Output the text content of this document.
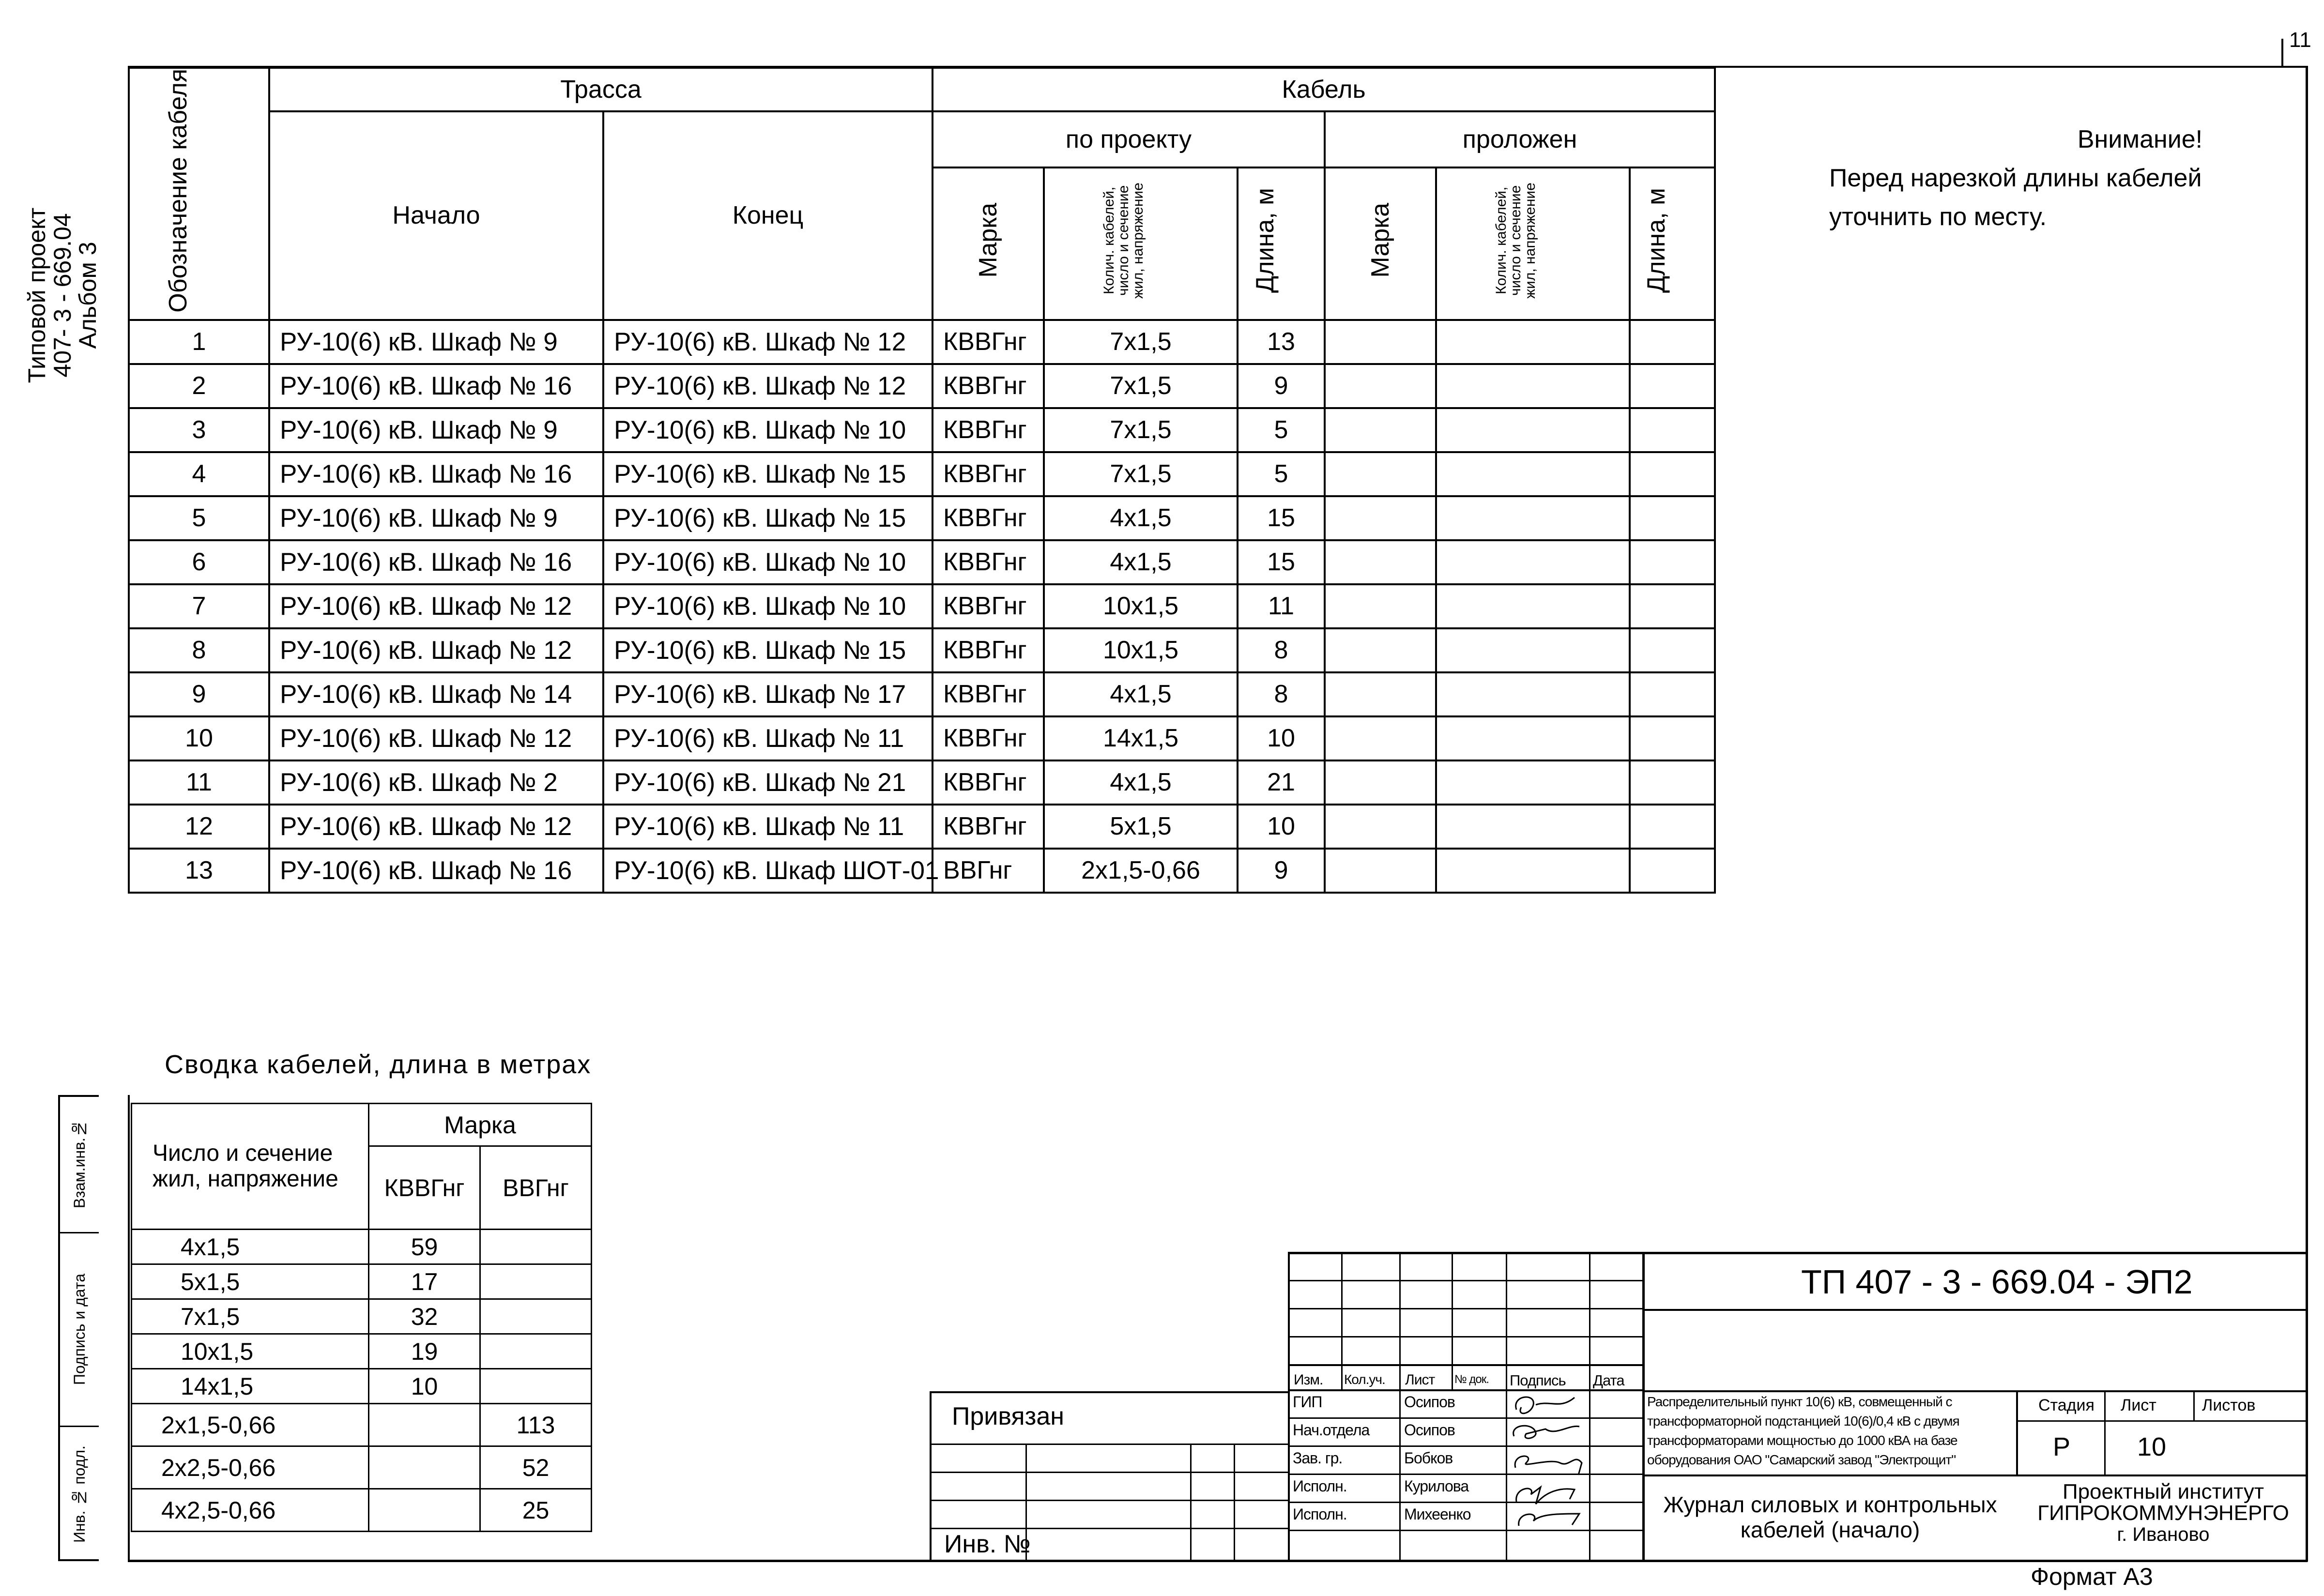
11
Типовой проект
407- 3 - 669.04
Альбом 3	Обозначение кабеля	Трасса		Кабель					
	Начало	Конец	по проекту			проложен		
			Марка	Колич. кабелей, число и сечение жил, напряжение	Длина, м	Марка	Колич. кабелей, число и сечение жил, напряжение	Длина, м
1	РУ-10(6) кВ. Шкаф № 9	РУ-10(6) кВ. Шкаф № 12	КВВГнг	7x1,5	13			
2	РУ-10(6) кВ. Шкаф № 16	РУ-10(6) кВ. Шкаф № 12	КВВГнг	7x1,5	9			
3	РУ-10(6) кВ. Шкаф № 9	РУ-10(6) кВ. Шкаф № 10	КВВГнг	7x1,5	5			
4	РУ-10(6) кВ. Шкаф № 16	РУ-10(6) кВ. Шкаф № 15	КВВГнг	7x1,5	5			
5	РУ-10(6) кВ. Шкаф № 9	РУ-10(6) кВ. Шкаф № 15	КВВГнг	4x1,5	15			
6	РУ-10(6) кВ. Шкаф № 16	РУ-10(6) кВ. Шкаф № 10	КВВГнг	4x1,5	15			
7	РУ-10(6) кВ. Шкаф № 12	РУ-10(6) кВ. Шкаф № 10	КВВГнг	10x1,5	11			
8	РУ-10(6) кВ. Шкаф № 12	РУ-10(6) кВ. Шкаф № 15	КВВГнг	10x1,5	8			
9	РУ-10(6) кВ. Шкаф № 14	РУ-10(6) кВ. Шкаф № 17	КВВГнг	4x1,5	8			
10	РУ-10(6) кВ. Шкаф № 12	РУ-10(6) кВ. Шкаф № 11	КВВГнг	14x1,5	10			
11	РУ-10(6) кВ. Шкаф № 2	РУ-10(6) кВ. Шкаф № 21	КВВГнг	4x1,5	21			
12	РУ-10(6) кВ. Шкаф № 12	РУ-10(6) кВ. Шкаф № 11	КВВГнг	5x1,5	10			
13	РУ-10(6) кВ. Шкаф № 16	РУ-10(6) кВ. Шкаф ШОТ-01	ВВГнг	2x1,5-0,66	9			
Внимание!
Перед нарезкой длины кабелей
уточнить по месту.
Сводка кабелей, длина в метрах
Число и сечение жил, напряжение	Марка	
	КВВГнг	ВВГнг
4x1,5	59	
5x1,5	17	
7x1,5	32	
10x1,5	19	
14x1,5	10	
2x1,5-0,66		113
2x2,5-0,66		52
4x2,5-0,66		25
Взам.инв.№
Подпись и дата
Инв. № подл.
Привязан
Инв. №
Изм. Кол.уч. Лист № док. Подпись Дата
ГИП	Осипов
Нач.отдела Осипов
Зав. гр.	Бобков
Исполн.	Курилова
Исполн.	Михеенко
ТП 407 - 3 - 669.04 - ЭП2
Распределительный пункт 10(6) кВ, совмещенный с
трансформаторной подстанцией 10(6)/0,4 кВ с двумя
трансформаторами мощностью до 1000 кВА на базе
оборудования ОАО "Самарский завод "Электрощит"
Стадия Лист	Листов
Р	10
Журнал силовых и контрольных
кабелей (начало)
Проектный институт
ГИПРОКОММУНЭНЕРГО
г. Иваново
Формат А3
